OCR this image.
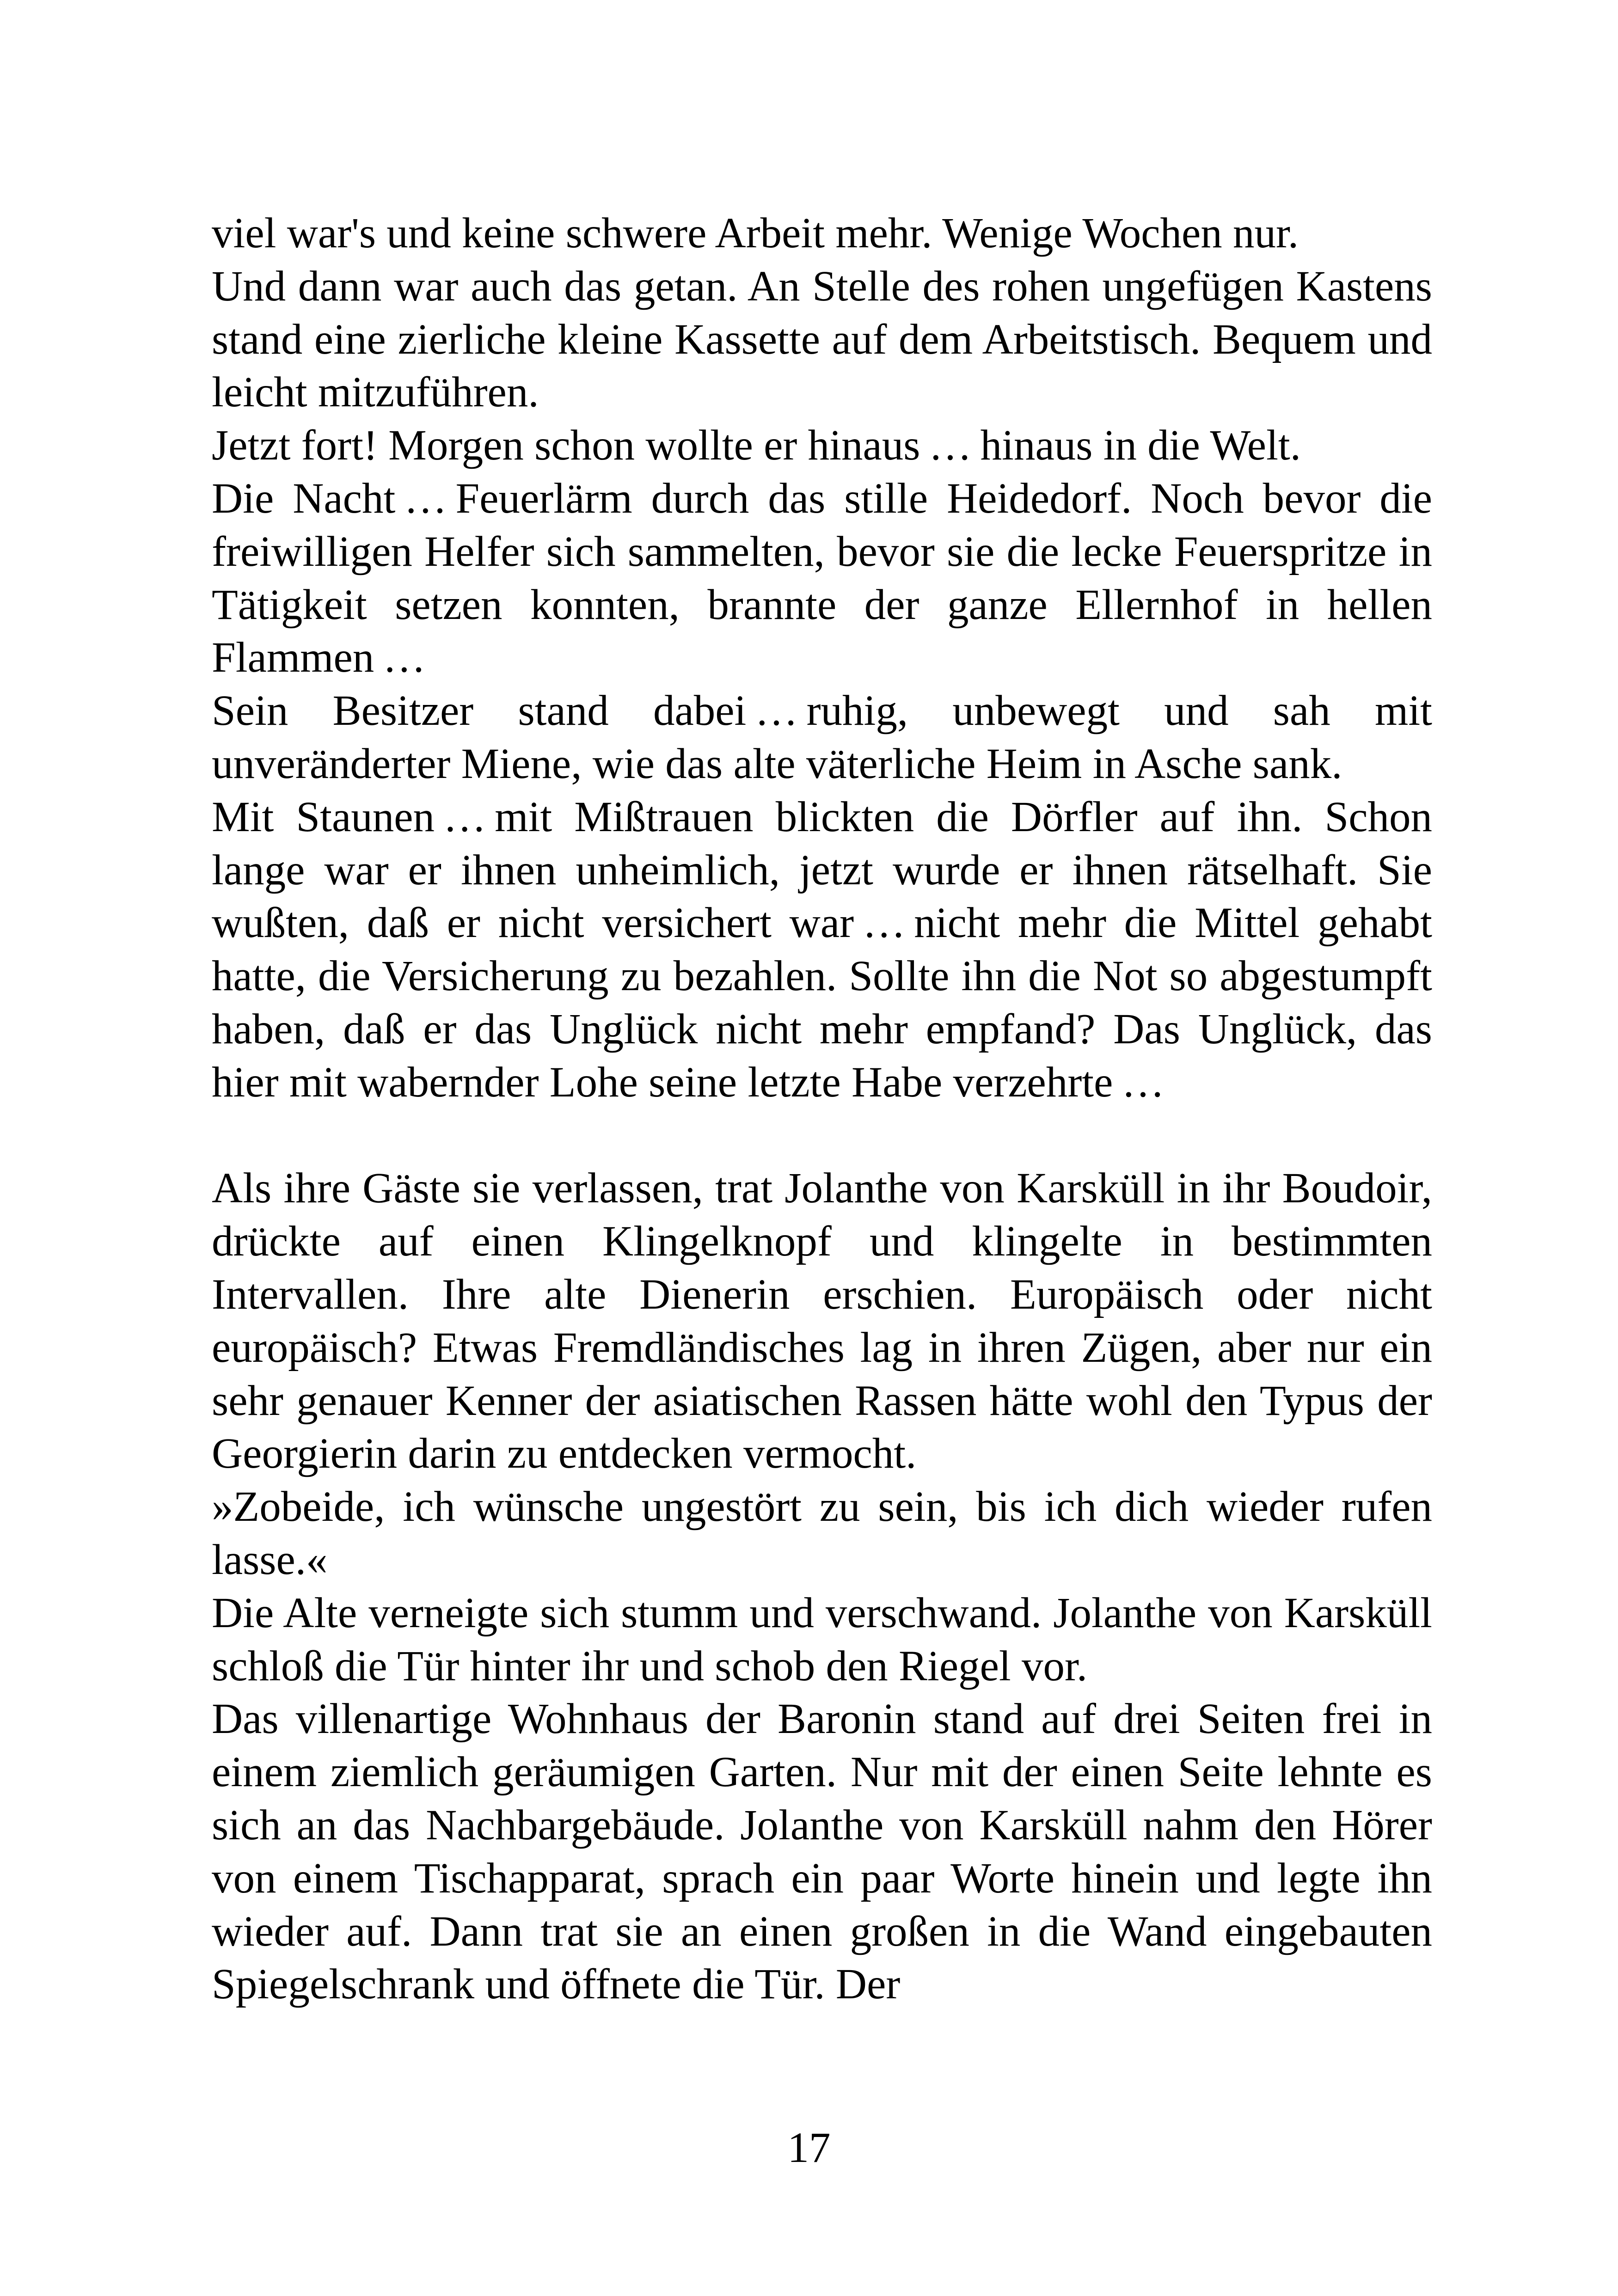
viel war's und keine schwere Arbeit mehr. Wenige Wochen nur.

Und dann war auch das getan. An Stelle des rohen ungefügen Kastens stand eine zierliche kleine Kassette auf dem Arbeitstisch. Bequem und leicht mitzuführen.

Jetzt fort! Morgen schon wollte er hinaus … hinaus in die Welt.

Die Nacht … Feuerlärm durch das stille Heidedorf. Noch bevor die freiwilligen Helfer sich sammelten, bevor sie die lecke Feuerspritze in Tätigkeit setzen konnten, brannte der ganze Ellernhof in hellen Flammen …

Sein Besitzer stand dabei … ruhig, unbewegt und sah mit unveränderter Miene, wie das alte väterliche Heim in Asche sank.

Mit Staunen … mit Mißtrauen blickten die Dörfler auf ihn. Schon lange war er ihnen unheimlich, jetzt wurde er ihnen rätselhaft. Sie wußten, daß er nicht versichert war … nicht mehr die Mittel gehabt hatte, die Versicherung zu bezahlen. Sollte ihn die Not so abgestumpft haben, daß er das Unglück nicht mehr empfand? Das Unglück, das hier mit wabernder Lohe seine letzte Habe verzehrte …

Als ihre Gäste sie verlassen, trat Jolanthe von Karsküll in ihr Boudoir, drückte auf einen Klingelknopf und klingelte in bestimmten Intervallen. Ihre alte Dienerin erschien. Europäisch oder nicht europäisch? Etwas Fremdländisches lag in ihren Zügen, aber nur ein sehr genauer Kenner der asiatischen Rassen hätte wohl den Typus der Georgierin darin zu entdecken vermocht.

»Zobeide, ich wünsche ungestört zu sein, bis ich dich wieder rufen lasse.«

Die Alte verneigte sich stumm und verschwand. Jolanthe von Karsküll schloß die Tür hinter ihr und schob den Riegel vor.

Das villenartige Wohnhaus der Baronin stand auf drei Seiten frei in einem ziemlich geräumigen Garten. Nur mit der einen Seite lehnte es sich an das Nachbargebäude. Jolanthe von Karsküll nahm den Hörer von einem Tischapparat, sprach ein paar Worte hinein und legte ihn wieder auf. Dann trat sie an einen großen in die Wand eingebauten Spiegelschrank und öffnete die Tür. Der

17
